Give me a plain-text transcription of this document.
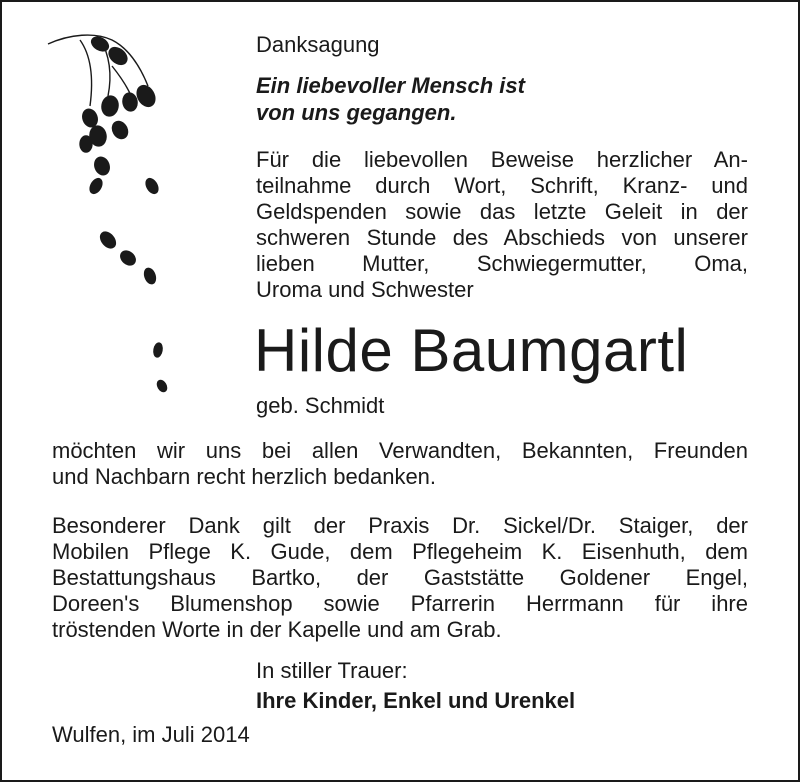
Danksagung
Ein liebevoller Mensch ist
von uns gegangen.
Für die liebevollen Beweise herzlicher An-
teilnahme durch Wort, Schrift, Kranz- und
Geldspenden sowie das letzte Geleit in der
schweren Stunde des Abschieds von unserer
lieben Mutter, Schwiegermutter, Oma,
Uroma und Schwester
Hilde Baumgartl
geb. Schmidt
möchten wir uns bei allen Verwandten, Bekannten, Freunden
und Nachbarn recht herzlich bedanken.
Besonderer Dank gilt der Praxis Dr. Sickel/Dr. Staiger, der
Mobilen Pflege K. Gude, dem Pflegeheim K. Eisenhuth, dem
Bestattungshaus Bartko, der Gaststätte Goldener Engel,
Doreen's Blumenshop sowie Pfarrerin Herrmann für ihre
tröstenden Worte in der Kapelle und am Grab.
In stiller Trauer:
Ihre Kinder, Enkel und Urenkel
Wulfen, im Juli 2014
